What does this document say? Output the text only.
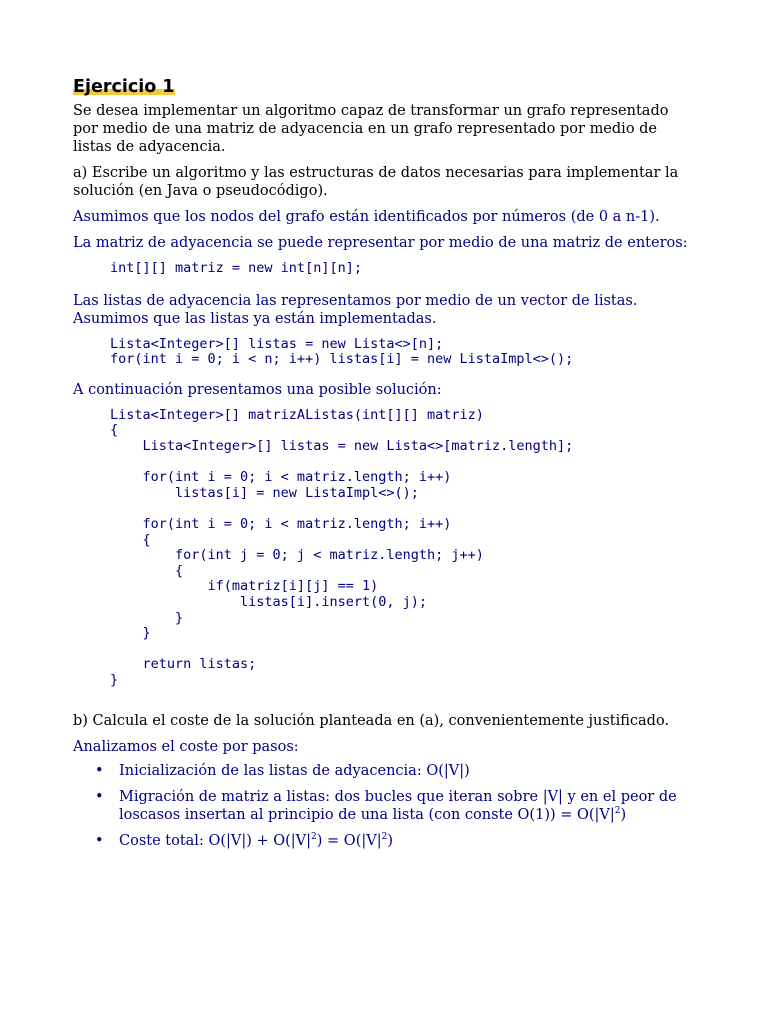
Ejercicio 1

Se desea implementar un algoritmo capaz de transformar un grafo representado por medio de una matriz de adyacencia en un grafo representado por medio de listas de adyacencia.

a) Escribe un algoritmo y las estructuras de datos necesarias para implementar la solución (en Java o pseudocódigo).

Asumimos que los nodos del grafo están identificados por números (de 0 a n-1).

La matriz de adyacencia se puede representar por medio de una matriz de enteros:

int[][] matriz = new int[n][n];

Las listas de adyacencia las representamos por medio de un vector de listas. Asumimos que las listas ya están implementadas.

Lista<Integer>[] listas = new Lista<>[n];
for(int i = 0; i < n; i++) listas[i] = new ListaImpl<>();

A continuación presentamos una posible solución:

Lista<Integer>[] matrizAListas(int[][] matriz)
{
Lista<Integer>[] listas = new Lista<>[matriz.length];

for(int i = 0; i < matriz.length; i++)
listas[i] = new ListaImpl<>();

for(int i = 0; i < matriz.length; i++)
{
for(int j = 0; j < matriz.length; j++)
{
if(matriz[i][j] == 1)
listas[i].insert(0, j);
}
}

return listas;
}

b) Calcula el coste de la solución planteada en (a), convenientemente justificado.

Analizamos el coste por pasos:

• Inicialización de las listas de adyacencia: O(|V|)
• Migración de matriz a listas: dos bucles que iteran sobre |V| y en el peor de loscasos insertan al principio de una lista (con conste $O(1)) = O(|V|^2)$
• Coste total: $O(|V|) + O(|V|^2) = O(|V|^2)$
